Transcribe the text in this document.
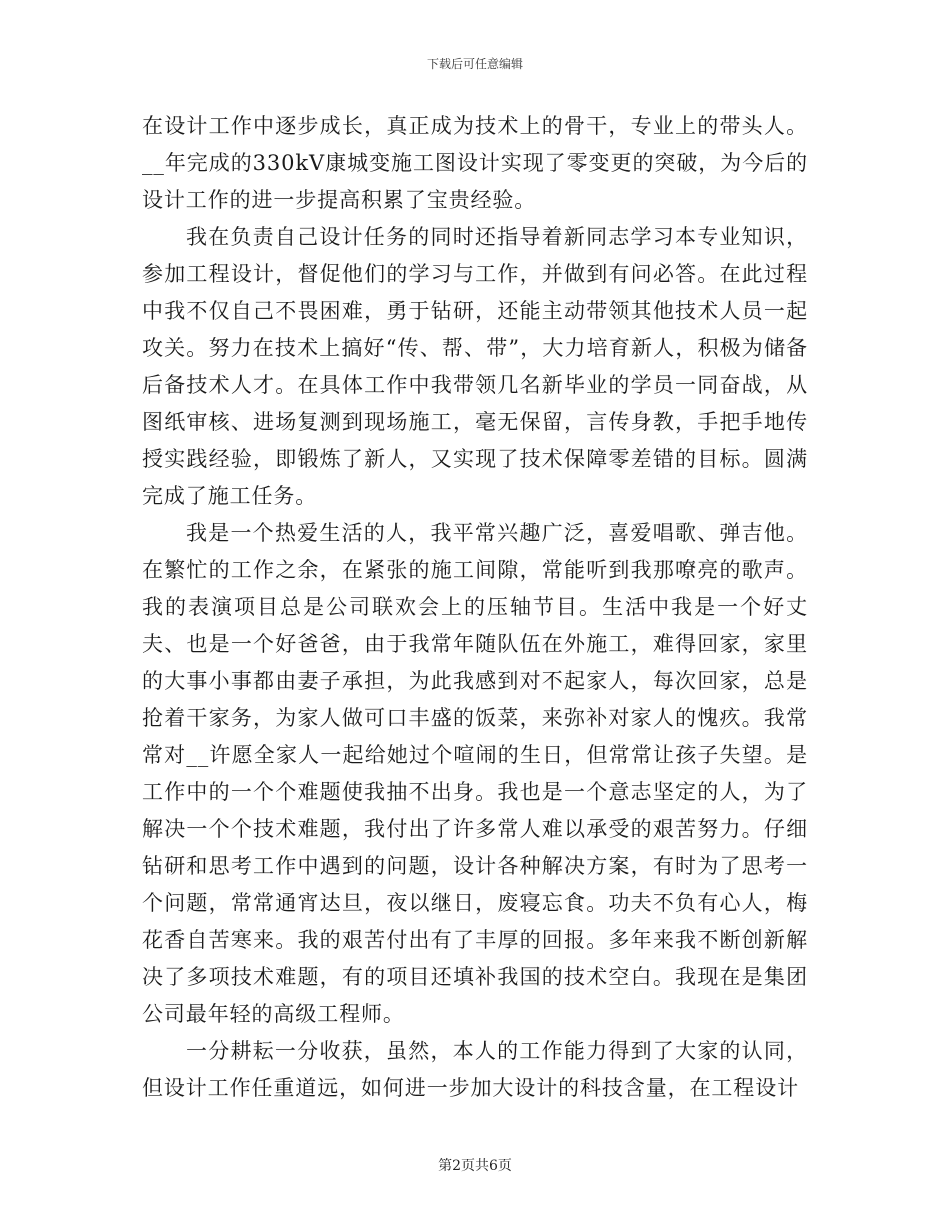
下载后可任意编辑

在设计工作中逐步成长，真正成为技术上的骨干，专业上的带头人。__年完成的330kV康城变施工图设计实现了零变更的突破，为今后的设计工作的进一步提高积累了宝贵经验。

我在负责自己设计任务的同时还指导着新同志学习本专业知识，参加工程设计，督促他们的学习与工作，并做到有问必答。在此过程中我不仅自己不畏困难，勇于钻研，还能主动带领其他技术人员一起攻关。努力在技术上搞好“传、帮、带”，大力培育新人，积极为储备后备技术人才。在具体工作中我带领几名新毕业的学员一同奋战，从图纸审核、进场复测到现场施工，毫无保留，言传身教，手把手地传授实践经验，即锻炼了新人，又实现了技术保障零差错的目标。圆满完成了施工任务。

我是一个热爱生活的人，我平常兴趣广泛，喜爱唱歌、弹吉他。在繁忙的工作之余，在紧张的施工间隙，常能听到我那嘹亮的歌声。我的表演项目总是公司联欢会上的压轴节目。生活中我是一个好丈夫、也是一个好爸爸，由于我常年随队伍在外施工，难得回家，家里的大事小事都由妻子承担，为此我感到对不起家人，每次回家，总是抢着干家务，为家人做可口丰盛的饭菜，来弥补对家人的愧疚。我常常对__许愿全家人一起给她过个喧闹的生日，但常常让孩子失望。是工作中的一个个难题使我抽不出身。我也是一个意志坚定的人，为了解决一个个技术难题，我付出了许多常人难以承受的艰苦努力。仔细钻研和思考工作中遇到的问题，设计各种解决方案，有时为了思考一个问题，常常通宵达旦，夜以继日，废寝忘食。功夫不负有心人，梅花香自苦寒来。我的艰苦付出有了丰厚的回报。多年来我不断创新解决了多项技术难题，有的项目还填补我国的技术空白。我现在是集团公司最年轻的高级工程师。

一分耕耘一分收获，虽然，本人的工作能力得到了大家的认同，但设计工作任重道远，如何进一步加大设计的科技含量，在工程设计

第2页共6页
